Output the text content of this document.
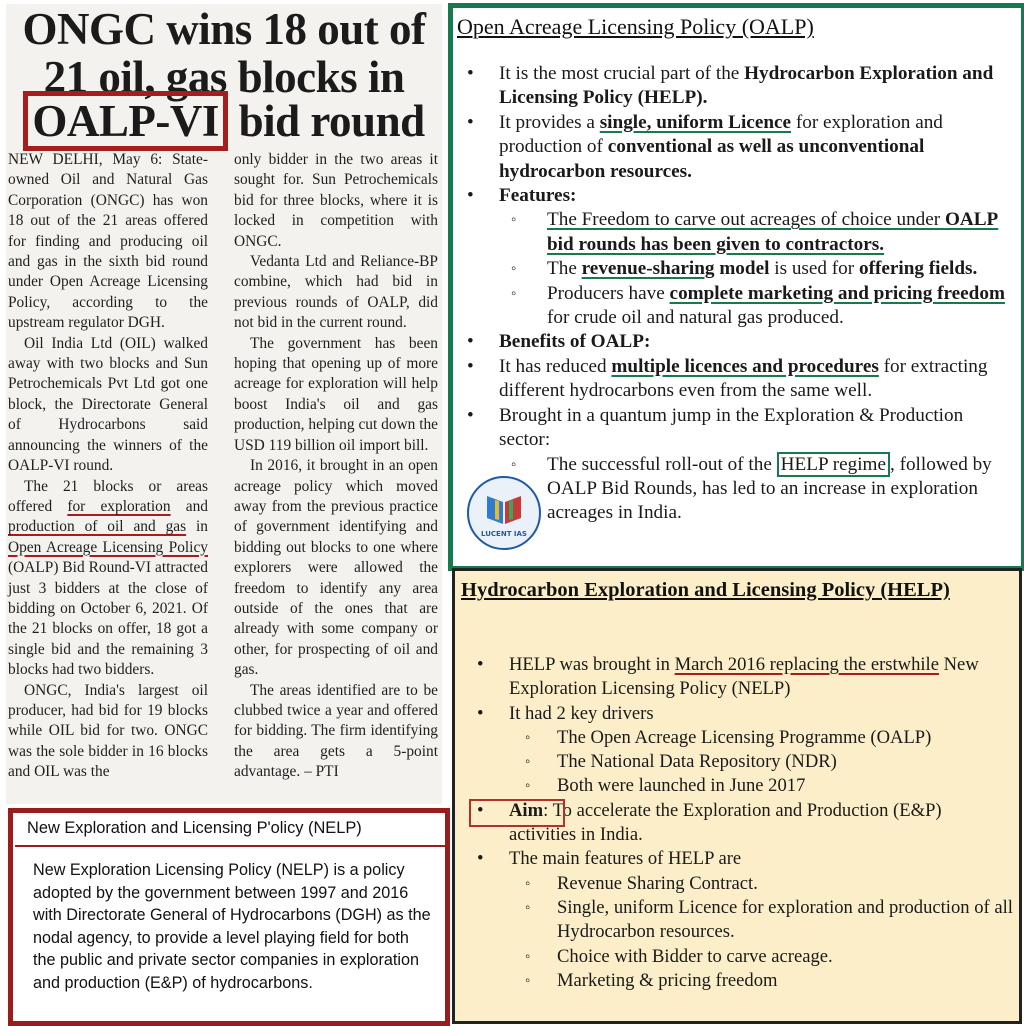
ONGC wins 18 out of
21 oil, gas blocks in
OALP-VI bid round

NEW DELHI, May 6: State-owned Oil and Natural Gas Corporation (ONGC) has won 18 out of the 21 areas offered for finding and producing oil and gas in the sixth bid round under Open Acreage Licensing Policy, according to the upstream regulator DGH.

Oil India Ltd (OIL) walked away with two blocks and Sun Petrochemicals Pvt Ltd got one block, the Directorate General of Hydrocarbons said announcing the winners of the OALP-VI round.

The 21 blocks or areas offered for exploration and production of oil and gas in Open Acreage Licensing Policy (OALP) Bid Round-VI attracted just 3 bidders at the close of bidding on October 6, 2021. Of the 21 blocks on offer, 18 got a single bid and the remaining 3 blocks had two bidders.

ONGC, India's largest oil producer, had bid for 19 blocks while OIL bid for two. ONGC was the sole bidder in 16 blocks and OIL was the

only bidder in the two areas it sought for. Sun Petrochemicals bid for three blocks, where it is locked in competition with ONGC.

Vedanta Ltd and Reliance-BP combine, which had bid in previous rounds of OALP, did not bid in the current round.

The government has been hoping that opening up of more acreage for exploration will help boost India's oil and gas production, helping cut down the USD 119 billion oil import bill.

In 2016, it brought in an open acreage policy which moved away from the previous practice of government identifying and bidding out blocks to one where explorers were allowed the freedom to identify any area outside of the ones that are already with some company or other, for prospecting of oil and gas.

The areas identified are to be clubbed twice a year and offered for bidding. The firm identifying the area gets a 5-point advantage. – PTI

Open Acreage Licensing Policy (OALP)
• It is the most crucial part of the Hydrocarbon Exploration and Licensing Policy (HELP).
• It provides a single, uniform Licence for exploration and production of conventional as well as unconventional hydrocarbon resources.
• Features:
◦ The Freedom to carve out acreages of choice under OALP bid rounds has been given to contractors.
◦ The revenue-sharing model is used for offering fields.
◦ Producers have complete marketing and pricing freedom for crude oil and natural gas produced.
• Benefits of OALP:
• It has reduced multiple licences and procedures for extracting different hydrocarbons even from the same well.
• Brought in a quantum jump in the Exploration & Production sector:
◦ The successful roll-out of the HELP regime , followed by OALP Bid Rounds, has led to an increase in exploration acreages in India.
LUCENT IAS
Hydrocarbon Exploration and Licensing Policy (HELP)
• HELP was brought in March 2016 replacing the erstwhile New Exploration Licensing Policy (NELP)
• It had 2 key drivers
◦ The Open Acreage Licensing Programme (OALP)
◦ The National Data Repository (NDR)
◦ Both were launched in June 2017
• Aim: To accelerate the Exploration and Production (E&P) activities in India.
• The main features of HELP are
◦ Revenue Sharing Contract.
◦ Single, uniform Licence for exploration and production of all Hydrocarbon resources.
◦ Choice with Bidder to carve acreage.
◦ Marketing & pricing freedom
New Exploration and Licensing P'olicy (NELP)
New Exploration Licensing Policy (NELP) is a policy adopted by the government between 1997 and 2016 with Directorate General of Hydrocarbons (DGH) as the nodal agency, to provide a level playing field for both the public and private sector companies in exploration and production (E&P) of hydrocarbons.
